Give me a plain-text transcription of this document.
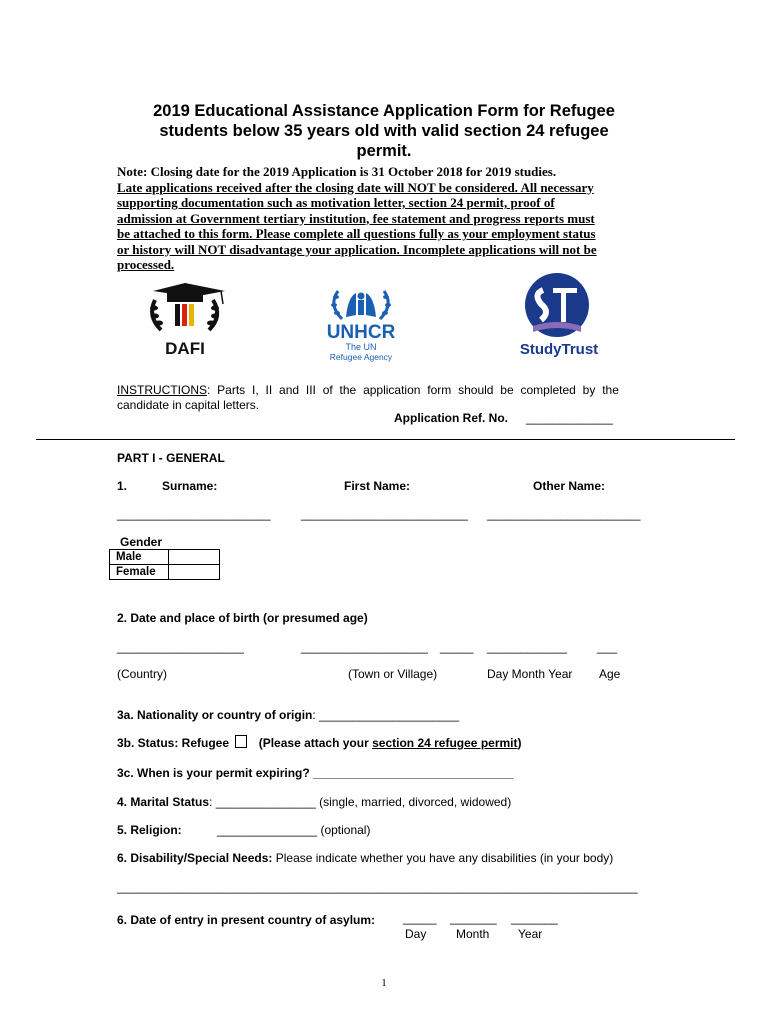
2019 Educational Assistance Application Form for Refugee
students below 35 years old with valid section 24 refugee
permit.
Note: Closing date for the 2019 Application is 31 October 2018 for 2019 studies.
Late applications received after the closing date will NOT be considered. All necessary
supporting documentation such as motivation letter, section 24 permit, proof of
admission at Government tertiary institution, fee statement and progress reports must
be attached to this form. Please complete all questions fully as your employment status
or history will NOT disadvantage your application. Incomplete applications will not be
processed.
DAFI
UNHCR
The UN
Refugee Agency	StudyTrust
INSTRUCTIONS: Parts I, II and III of the application form should be completed by the
candidate in capital letters.
Application Ref. No. _____________
PART I - GENERAL
1.	Surname:	First Name:	Other Name:
_______________________	_________________________ _______________________
Gender
Male	
Female	
2. Date and place of birth (or presumed age)
___________________	___________________ _____ ____________ ___
(Country)	(Town or Village)	Day Month Year Age
3a. Nationality or country of origin: _____________________
3b. Status: Refugee (Please attach your section 24 refugee permit)
3c. When is your permit expiring? ______________________________
4. Marital Status: _______________ (single, married, divorced, widowed)
5. Religion:	_______________ (optional)
6. Disability/Special Needs: Please indicate whether you have any disabilities (in your body)
______________________________________________________________________________
6. Date of entry in present country of asylum: _____ _______ _______
Day Month Year
1
